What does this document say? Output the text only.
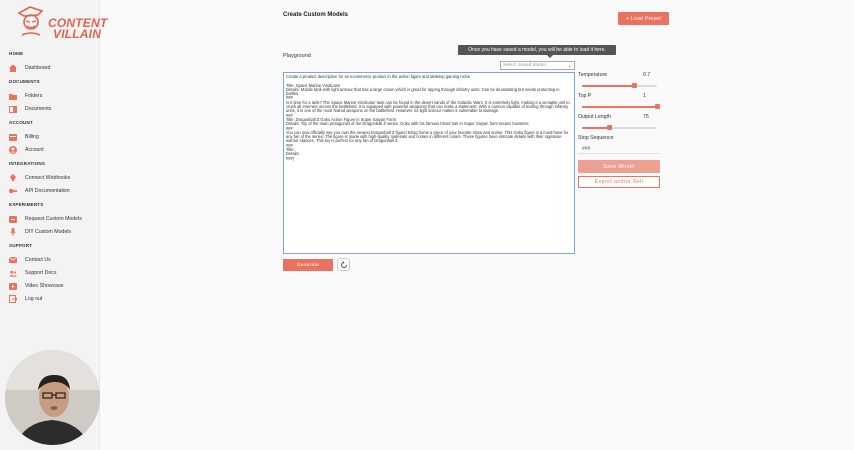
CONTENT
VILLAIN
HOME
Dashboard
DOCUMENTS
Folders
Documents
ACCOUNT
Billing
Account
INTEGRATIONS
Connect Webhooks
API Documentation
EXPERIMENTS
Request Custom Models
DIY Custom Models
SUPPORT
Contact Us
Support Docs
Video Showcase
Log out
Create Custom Models
+ Load Preset
Once you have saved a model, you will be able to load it here.
Playground
Select Saved Model	⌄
Create a product description for an ecommerce product in the action figure and tabletop gaming niche

Title: Space Marine Vindicator
Details: Mobile tank with light armour that has a large canon which is great for ripping through infantry units. Can be devastating but needs protecting in battles.
###
Is it time for a tank? The Space Marine Vindicator tank can be found in the desert sands of the Galactic Wars. It is extremely light, making it a versatile unit to crush all enemies across the battlefield. It is equipped with powerful weaponry that can make a statement. With a cannon capable of tearing through infantry units, it is one of the most feared weapons on the battlefield. However, its light armour makes it vulnerable to damage.
###
Title: Dragonball Z Goku Action Figure in Super Saiyan Form
Details: Toy of the main protagonist of the Dragonball Z series. Goku with his famous blond hair in Super Saiyan form means business
###
You can now officially say you own the newest Dragonball Z figure! Bring home a piece of your favorite show and anime. This Goku figure is a must-have for any fan of the series. The figure is made with high-quality materials and comes in different colors. These figures have intricate details with their signature warrior stances. This toy is perfect for any fan of Dragonball Z.
###
Title:
Details:
###|
Generate
Temperature	0.7
Top P	1
Output Length	75
Stop Sequence
###
Save Model
Export and/or Sell
